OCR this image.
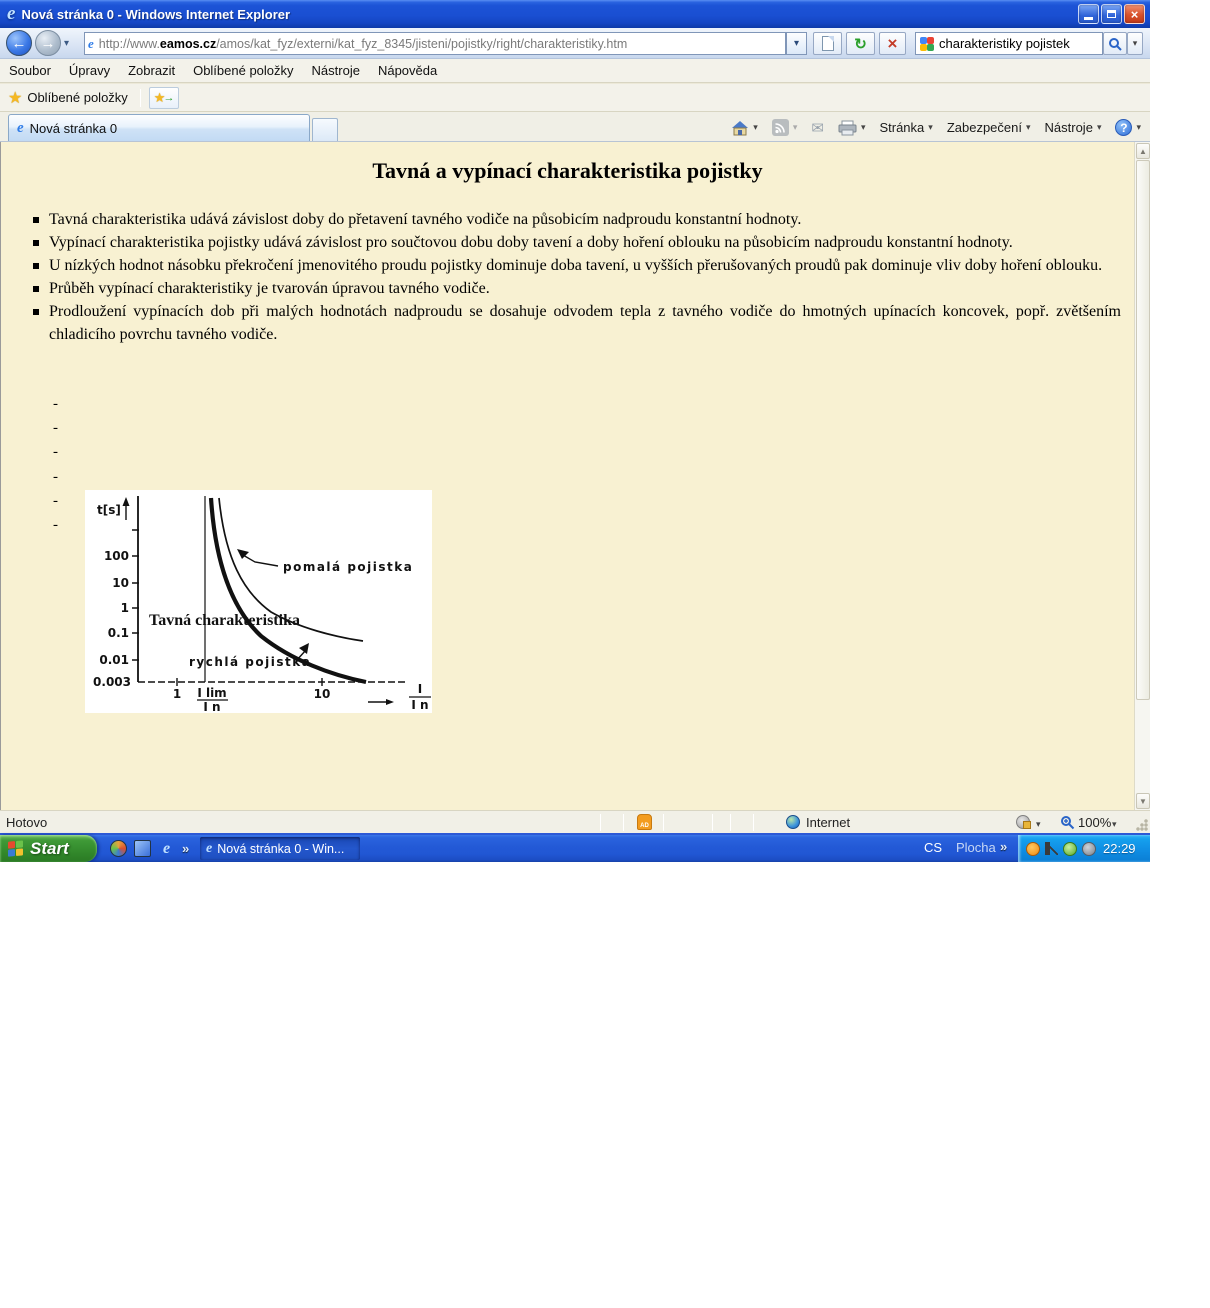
e Nová stránka 0 - Windows Internet Explorer	×
← → ▾ e http://www.eamos.cz/amos/kat_fyz/externi/kat_fyz_8345/jisteni/pojistky/right/charakteristiky.htm	▾	↻ ×	charakteristiky pojistek	▾
Soubor	Úpravy	Zobrazit	Oblíbené položky	Nástroje	Nápověda
★ Oblíbené položky ★
→
e Nová stránka 0	▾	▾ ✉	▾ Stránka ▾ Zabezpečení ▾ Nástroje ▾	? ▾
Tavná a vypínací charakteristika pojistky
Tavná charakteristika udává závislost doby do přetavení tavného vodiče na působicím nadproudu konstantní hodnoty.
Vypínací charakteristika pojistky udává závislost pro součtovou dobu doby tavení a doby hoření oblouku na působicím nadproudu konstantní hodnoty.
U nízkých hodnot násobku překročení jmenovitého proudu pojistky dominuje doba tavení, u vyšších přerušovaných proudů pak dominuje vliv doby hoření oblouku.
Průběh vypínací charakteristiky je tvarován úpravou tavného vodiče.
Prodloužení vypínacích dob při malých hodnotách nadproudu se dosahuje odvodem tepla z tavného vodiče do hmotných upínacích koncovek, popř. zvětšením chladicího povrchu tavného vodiče.
-
-
-
-
-
-
t[s]
100
10
1
0.1
0.01
0.003
1	10
I lim
I n
I
I n
pomalá pojistka
Tavná charakteristika
rychlá pojistka
▲
▼
Hotovo	AD	Internet	▾	100% ▾
Start	e » e Nová stránka 0 - Win...	CS Plocha »	22:29
